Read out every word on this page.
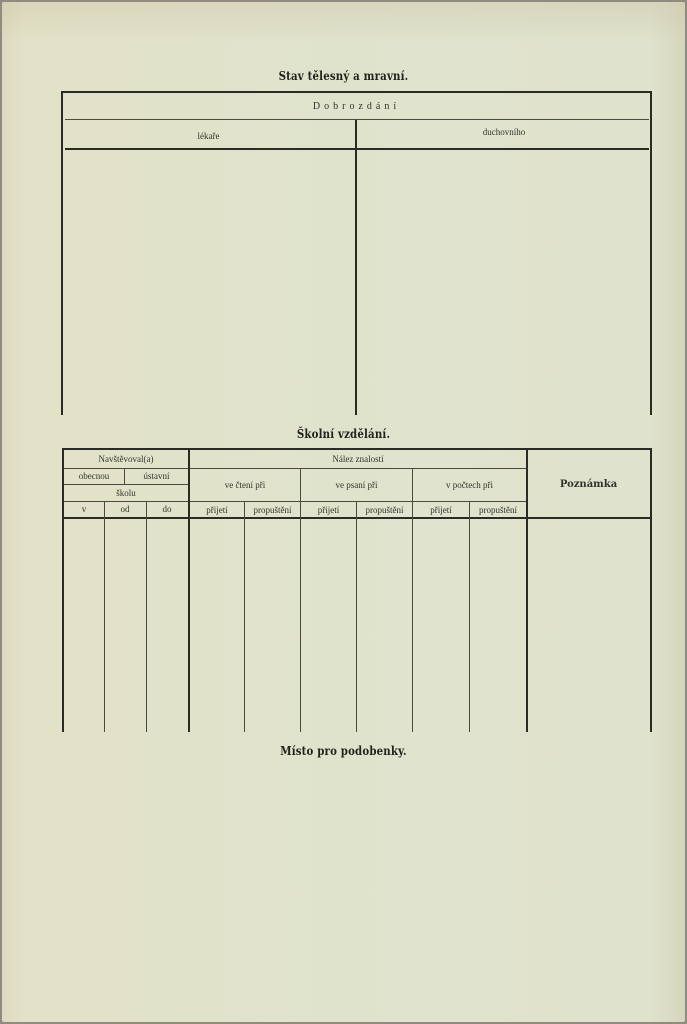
Stav tělesný a mravní.
Dobrozdání
lékaře	duchovního
Školní vzdělání.
Navštěvoval(a)
obecnou	ústavní
školu
v	od	do
Nález znalostí
ve čtení při	ve psaní při	v počtech při
přijetí	propuštění	přijetí	propuštění	přijetí	propuštění
Poznámka
Místo pro podobenky.
